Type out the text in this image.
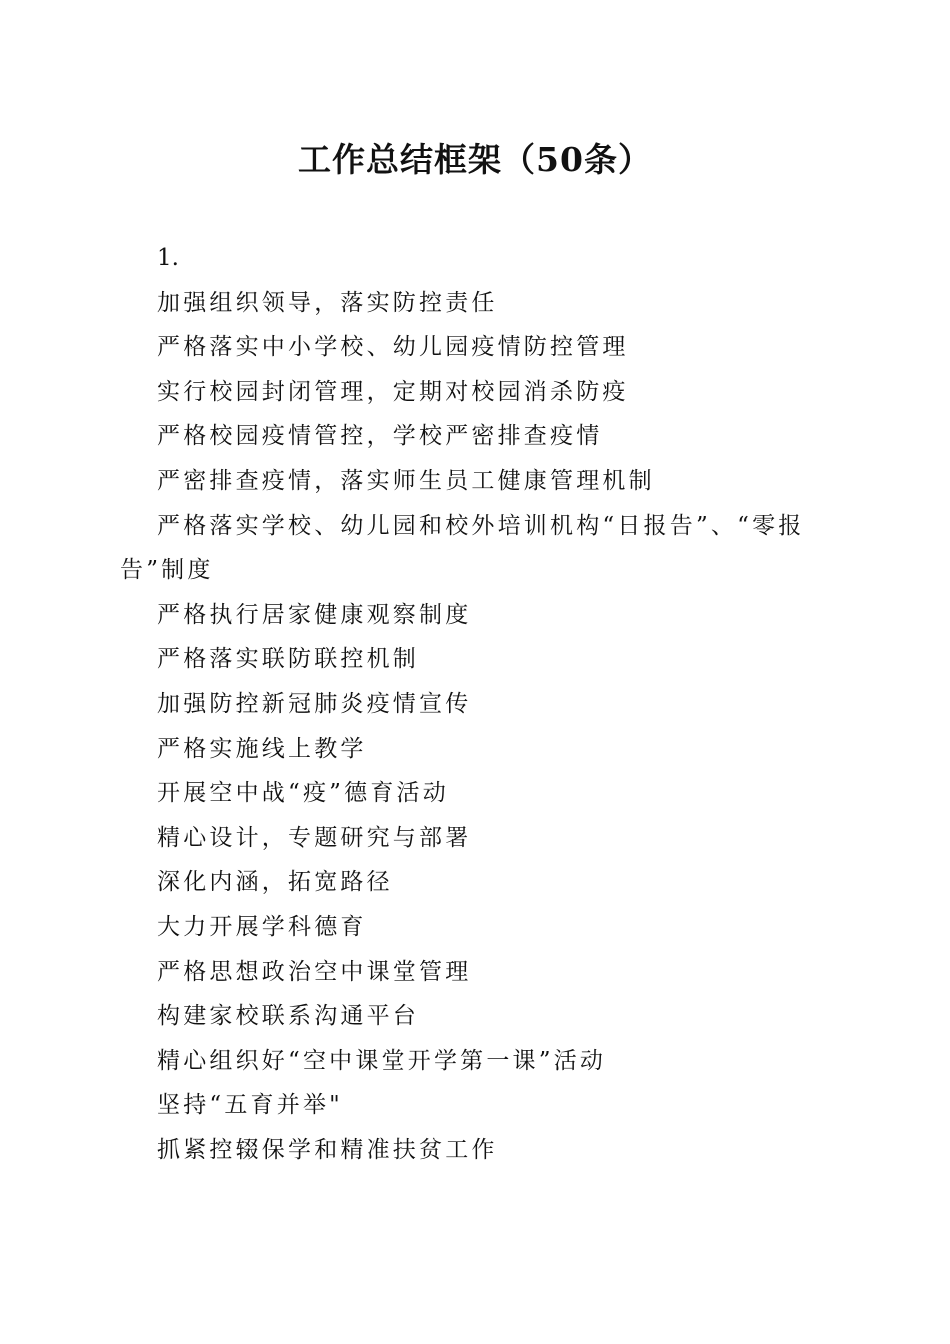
工作总结框架（50条）
1.
加强组织领导，落实防控责任
严格落实中小学校、幼儿园疫情防控管理
实行校园封闭管理，定期对校园消杀防疫
严格校园疫情管控，学校严密排查疫情
严密排查疫情，落实师生员工健康管理机制
严格落实学校、幼儿园和校外培训机构“日报告”、“零报告”制度
严格执行居家健康观察制度
严格落实联防联控机制
加强防控新冠肺炎疫情宣传
严格实施线上教学
开展空中战“疫”德育活动
精心设计，专题研究与部署
深化内涵，拓宽路径
大力开展学科德育
严格思想政治空中课堂管理
构建家校联系沟通平台
精心组织好“空中课堂开学第一课”活动
坚持“五育并举"
抓紧控辍保学和精准扶贫工作
